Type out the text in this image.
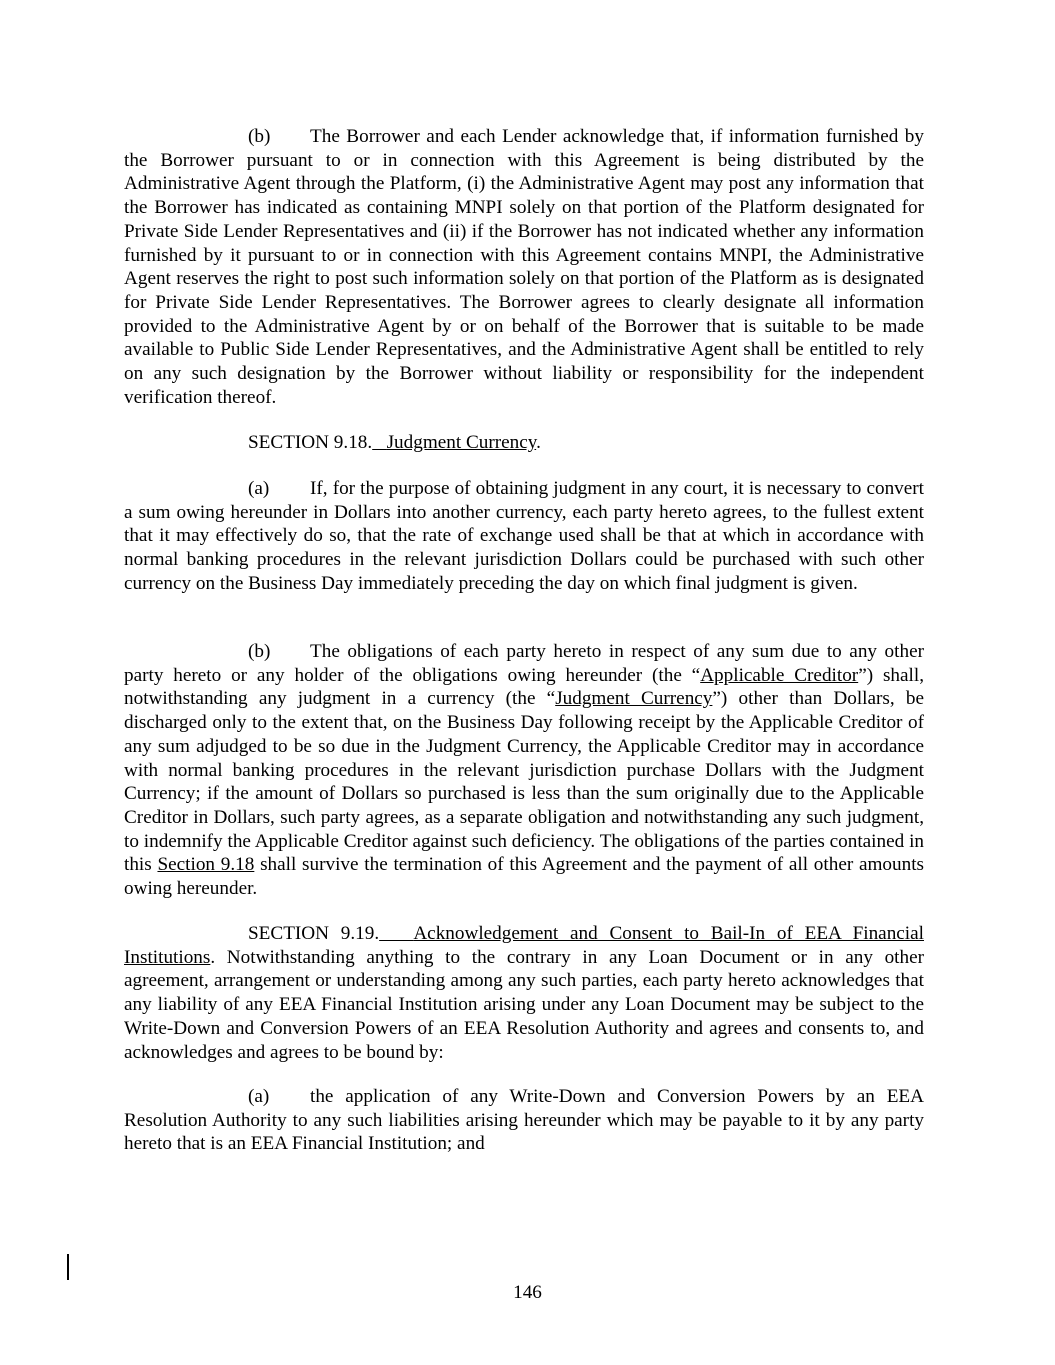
(b) The Borrower and each Lender acknowledge that, if information furnished by the Borrower pursuant to or in connection with this Agreement is being distributed by the Administrative Agent through the Platform, (i) the Administrative Agent may post any information that the Borrower has indicated as containing MNPI solely on that portion of the Platform designated for Private Side Lender Representatives and (ii) if the Borrower has not indicated whether any information furnished by it pursuant to or in connection with this Agreement contains MNPI, the Administrative Agent reserves the right to post such information solely on that portion of the Platform as is designated for Private Side Lender Representatives. The Borrower agrees to clearly designate all information provided to the Administrative Agent by or on behalf of the Borrower that is suitable to be made available to Public Side Lender Representatives, and the Administrative Agent shall be entitled to rely on any such designation by the Borrower without liability or responsibility for the independent verification thereof.

SECTION 9.18. Judgment Currency.

(a) If, for the purpose of obtaining judgment in any court, it is necessary to convert a sum owing hereunder in Dollars into another currency, each party hereto agrees, to the fullest extent that it may effectively do so, that the rate of exchange used shall be that at which in accordance with normal banking procedures in the relevant jurisdiction Dollars could be purchased with such other currency on the Business Day immediately preceding the day on which final judgment is given.

(b) The obligations of each party hereto in respect of any sum due to any other party hereto or any holder of the obligations owing hereunder (the “Applicable Creditor”) shall, notwithstanding any judgment in a currency (the “Judgment Currency”) other than Dollars, be discharged only to the extent that, on the Business Day following receipt by the Applicable Creditor of any sum adjudged to be so due in the Judgment Currency, the Applicable Creditor may in accordance with normal banking procedures in the relevant jurisdiction purchase Dollars with the Judgment Currency; if the amount of Dollars so purchased is less than the sum originally due to the Applicable Creditor in Dollars, such party agrees, as a separate obligation and notwithstanding any such judgment, to indemnify the Applicable Creditor against such deficiency. The obligations of the parties contained in this Section 9.18 shall survive the termination of this Agreement and the payment of all other amounts owing hereunder.

SECTION 9.19. Acknowledgement and Consent to Bail-In of EEA Financial Institutions. Notwithstanding anything to the contrary in any Loan Document or in any other agreement, arrangement or understanding among any such parties, each party hereto acknowledges that any liability of any EEA Financial Institution arising under any Loan Document may be subject to the Write-Down and Conversion Powers of an EEA Resolution Authority and agrees and consents to, and acknowledges and agrees to be bound by:

(a) the application of any Write-Down and Conversion Powers by an EEA Resolution Authority to any such liabilities arising hereunder which may be payable to it by any party hereto that is an EEA Financial Institution; and

146
